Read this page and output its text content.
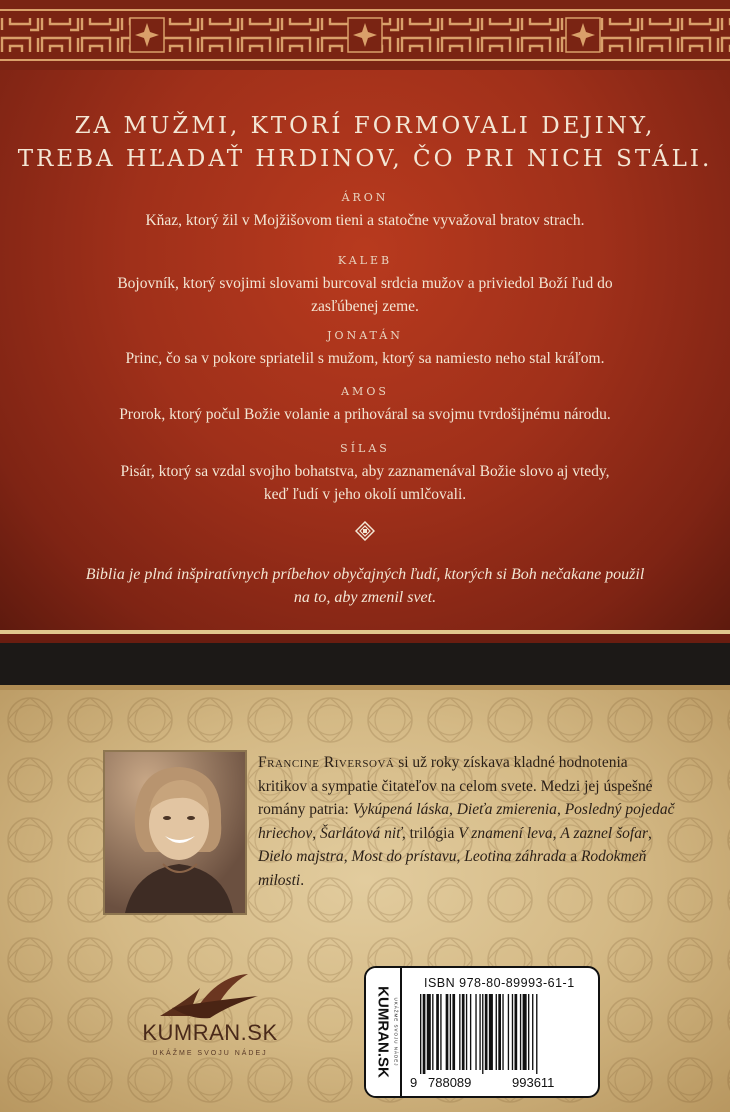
ZA MUŽMI, KTORÍ FORMOVALI DEJINY,
TREBA HĽADAŤ HRDINOV, ČO PRI NICH STÁLI.
ÁRON
Kňaz, ktorý žil v Mojžišovom tieni a statočne vyvažoval bratov strach.
KALEB
Bojovník, ktorý svojimi slovami burcoval srdcia mužov a priviedol Boží ľud do zasľúbenej zeme.
JONATÁN
Princ, čo sa v pokore spriatelil s mužom, ktorý sa namiesto neho stal kráľom.
AMOS
Prorok, ktorý počul Božie volanie a prihováral sa svojmu tvrdošijnému národu.
SÍLAS
Pisár, ktorý sa vzdal svojho bohatstva, aby zaznamenával Božie slovo aj vtedy, keď ľudí v jeho okolí umlčovali.
Biblia je plná inšpiratívnych príbehov obyčajných ľudí, ktorých si Boh nečakane použil na to, aby zmenil svet.
Francine Riversová si už roky získava kladné hodnotenia kritikov a sympatie čitateľov na celom svete. Medzi jej úspešné romány patria: Vykúpená láska, Dieťa zmierenia, Posledný pojedač hriechov, Šarlátová niť, trilógia V znamení leva, A zaznel šofar, Dielo majstra, Most do prístavu, Leotina záhrada a Rodokmeň milosti.
KUMRAN.SK
UKÁŽME SVOJU NÁDEJ	KUMRAN.SK UKÁŽME SVOJU NÁDEJ
ISBN 978-80-89993-61-1
9 788089	993611
